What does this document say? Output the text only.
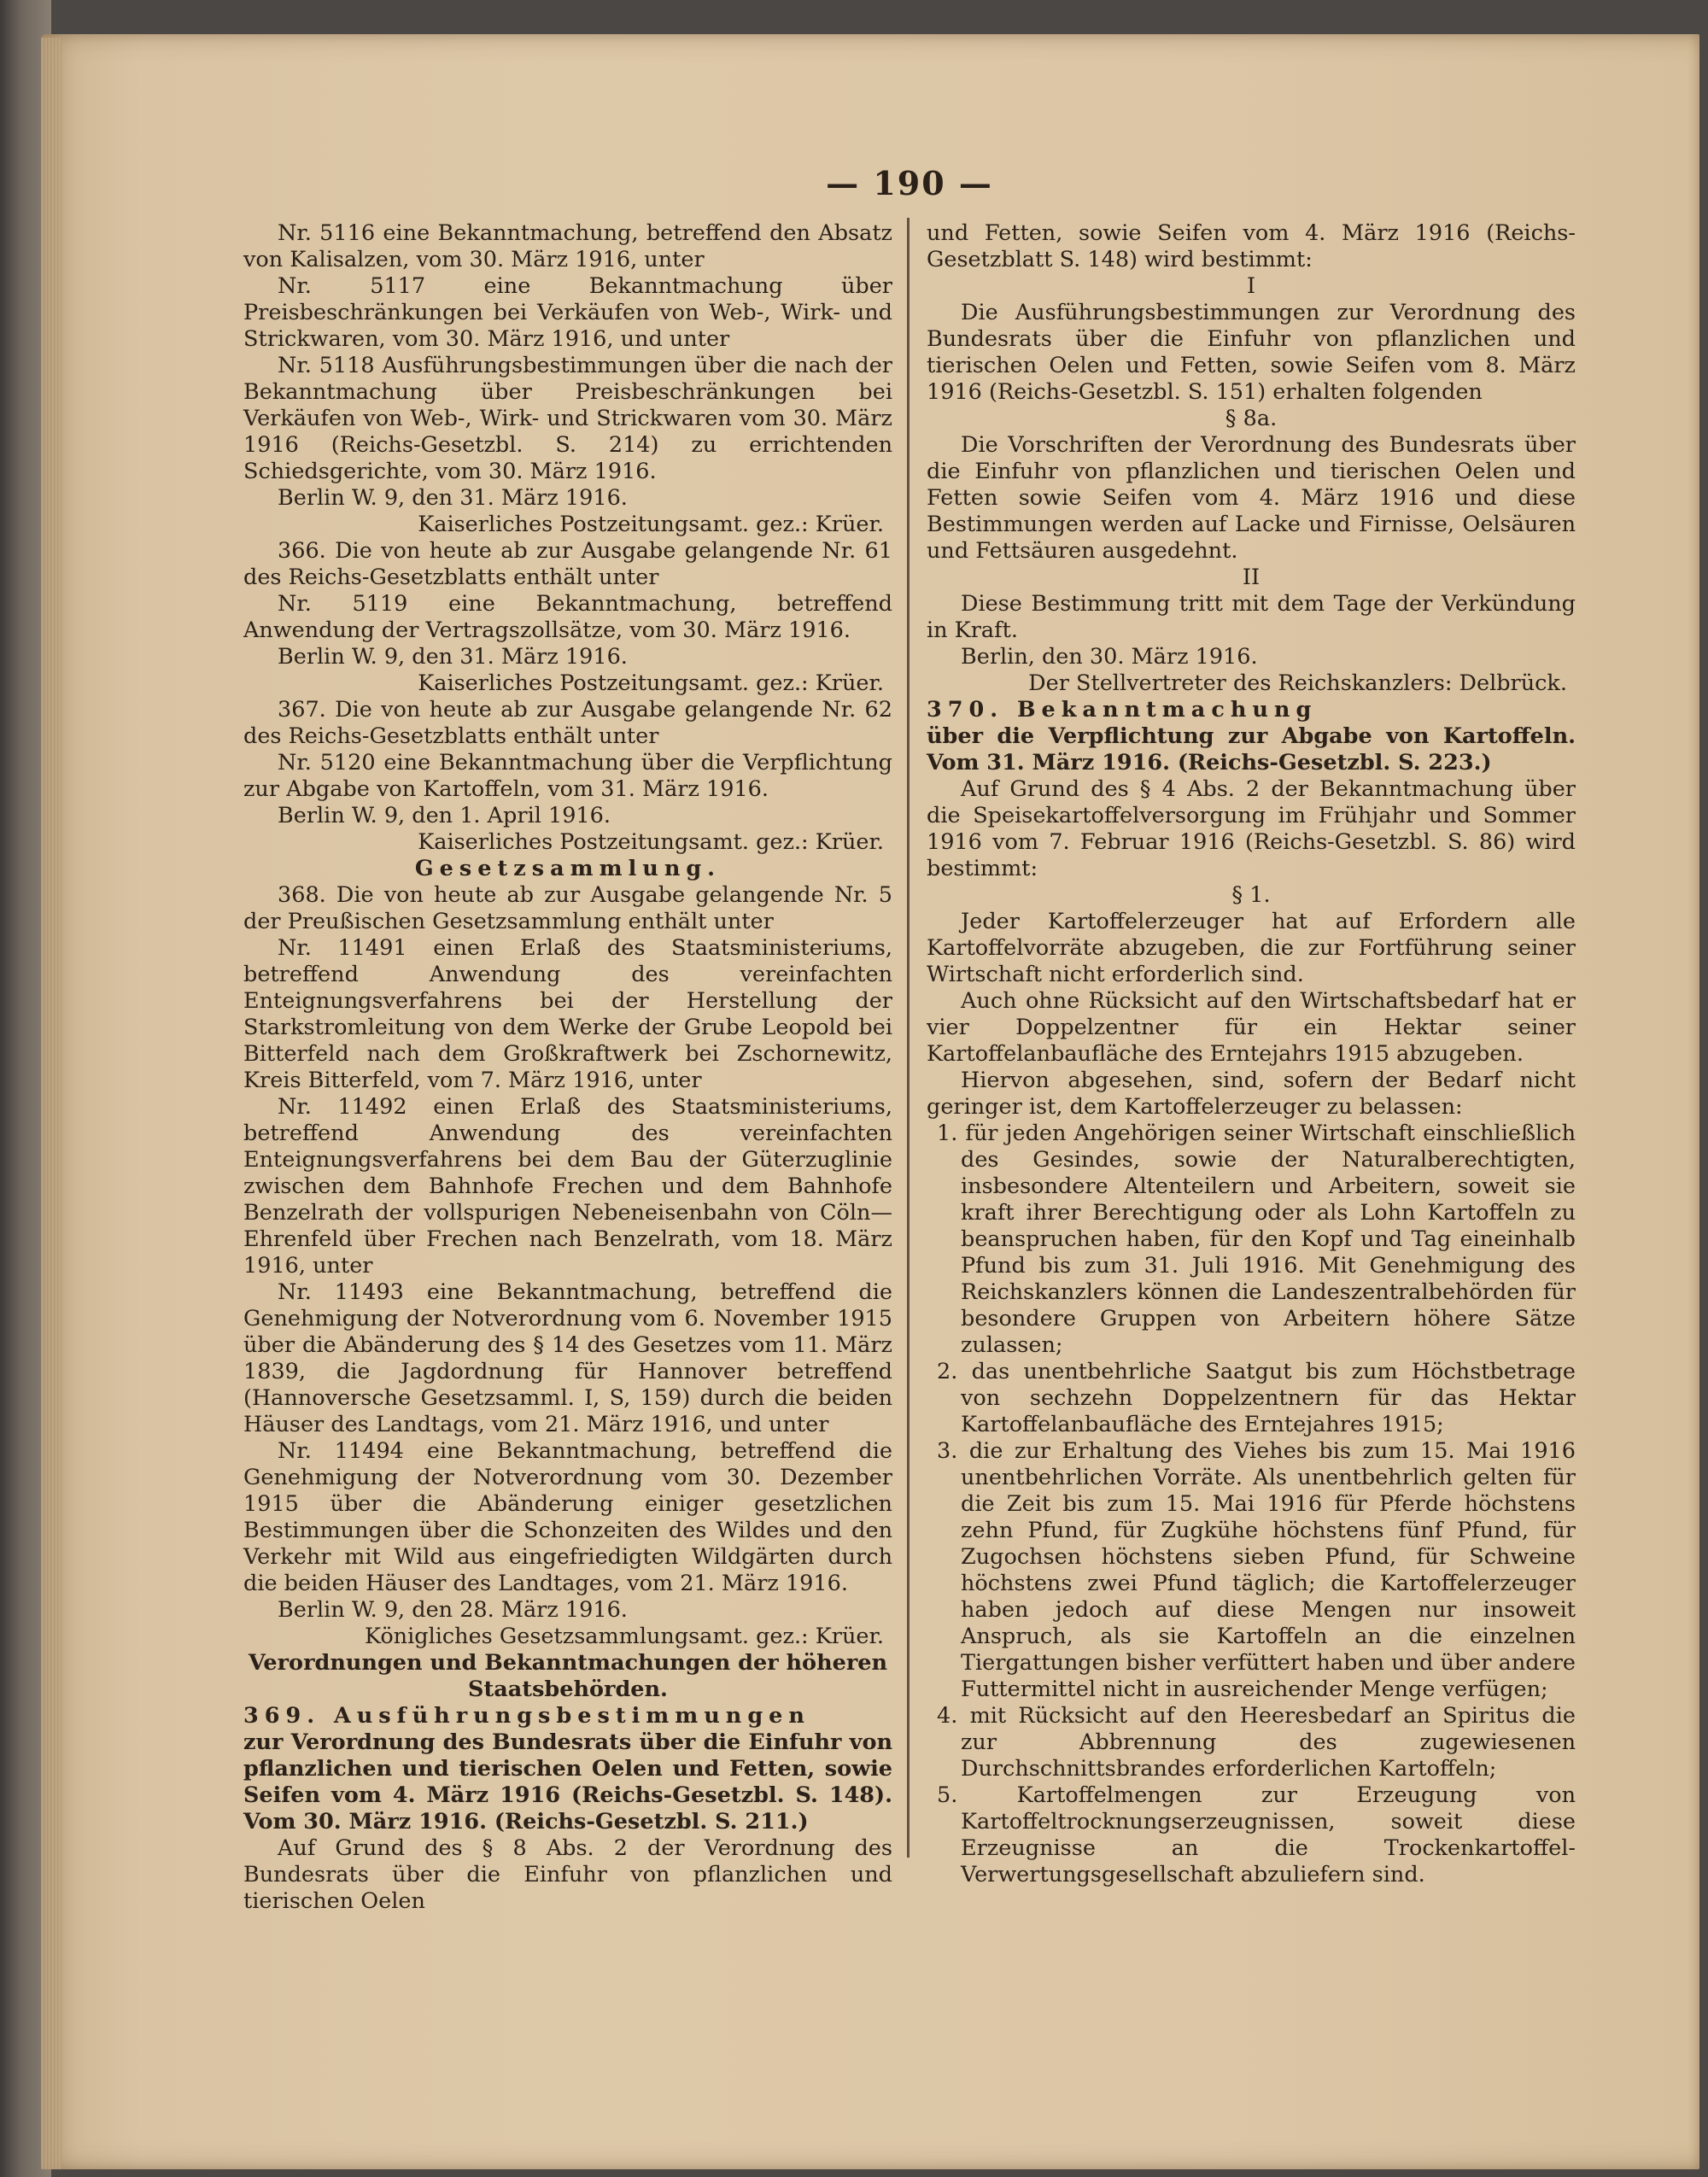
— 190 —

Nr. 5116 eine Bekanntmachung, betreffend den Absatz von Kalisalzen, vom 30. März 1916, unter

Nr. 5117 eine Bekanntmachung über Preisbeschränkungen bei Verkäufen von Web-, Wirk- und Strickwaren, vom 30. März 1916, und unter

Nr. 5118 Ausführungsbestimmungen über die nach der Bekanntmachung über Preisbeschränkungen bei Verkäufen von Web-, Wirk- und Strickwaren vom 30. März 1916 (Reichs-Gesetzbl. S. 214) zu errichtenden Schiedsgerichte, vom 30. März 1916.

Berlin W. 9, den 31. März 1916.

Kaiserliches Postzeitungsamt. gez.: Krüer.

366. Die von heute ab zur Ausgabe gelangende Nr. 61 des Reichs-Gesetzblatts enthält unter

Nr. 5119 eine Bekanntmachung, betreffend Anwendung der Vertragszollsätze, vom 30. März 1916.

Berlin W. 9, den 31. März 1916.

Kaiserliches Postzeitungsamt. gez.: Krüer.

367. Die von heute ab zur Ausgabe gelangende Nr. 62 des Reichs-Gesetzblatts enthält unter

Nr. 5120 eine Bekanntmachung über die Verpflichtung zur Abgabe von Kartoffeln, vom 31. März 1916.

Berlin W. 9, den 1. April 1916.

Kaiserliches Postzeitungsamt. gez.: Krüer.

Gesetzsammlung.

368. Die von heute ab zur Ausgabe gelangende Nr. 5 der Preußischen Gesetzsammlung enthält unter

Nr. 11491 einen Erlaß des Staatsministeriums, betreffend Anwendung des vereinfachten Enteignungsverfahrens bei der Herstellung der Starkstromleitung von dem Werke der Grube Leopold bei Bitterfeld nach dem Großkraftwerk bei Zschornewitz, Kreis Bitterfeld, vom 7. März 1916, unter

Nr. 11492 einen Erlaß des Staatsministeriums, betreffend Anwendung des vereinfachten Enteignungsverfahrens bei dem Bau der Güterzuglinie zwischen dem Bahnhofe Frechen und dem Bahnhofe Benzelrath der vollspurigen Nebeneisenbahn von Cöln—Ehrenfeld über Frechen nach Benzelrath, vom 18. März 1916, unter

Nr. 11493 eine Bekanntmachung, betreffend die Genehmigung der Notverordnung vom 6. November 1915 über die Abänderung des § 14 des Gesetzes vom 11. März 1839, die Jagdordnung für Hannover betreffend (Hannoversche Gesetzsamml. I, S, 159) durch die beiden Häuser des Landtags, vom 21. März 1916, und unter

Nr. 11494 eine Bekanntmachung, betreffend die Genehmigung der Notverordnung vom 30. Dezember 1915 über die Abänderung einiger gesetzlichen Bestimmungen über die Schonzeiten des Wildes und den Verkehr mit Wild aus eingefriedigten Wildgärten durch die beiden Häuser des Landtages, vom 21. März 1916.

Berlin W. 9, den 28. März 1916.

Königliches Gesetzsammlungsamt. gez.: Krüer.

Verordnungen und Bekanntmachungen der höheren Staatsbehörden.

369. Ausführungsbestimmungen

zur Verordnung des Bundesrats über die Einfuhr von pflanzlichen und tierischen Oelen und Fetten, sowie Seifen vom 4. März 1916 (Reichs-Gesetzbl. S. 148). Vom 30. März 1916. (Reichs-Gesetzbl. S. 211.)

Auf Grund des § 8 Abs. 2 der Verordnung des Bundesrats über die Einfuhr von pflanzlichen und tierischen Oelen

und Fetten, sowie Seifen vom 4. März 1916 (Reichs-Gesetzblatt S. 148) wird bestimmt:

I

Die Ausführungsbestimmungen zur Verordnung des Bundesrats über die Einfuhr von pflanzlichen und tierischen Oelen und Fetten, sowie Seifen vom 8. März 1916 (Reichs-Gesetzbl. S. 151) erhalten folgenden

§ 8a.

Die Vorschriften der Verordnung des Bundesrats über die Einfuhr von pflanzlichen und tierischen Oelen und Fetten sowie Seifen vom 4. März 1916 und diese Bestimmungen werden auf Lacke und Firnisse, Oelsäuren und Fettsäuren ausgedehnt.

II

Diese Bestimmung tritt mit dem Tage der Verkündung in Kraft.

Berlin, den 30. März 1916.

Der Stellvertreter des Reichskanzlers: Delbrück.

370. Bekanntmachung

über die Verpflichtung zur Abgabe von Kartoffeln. Vom 31. März 1916. (Reichs-Gesetzbl. S. 223.)

Auf Grund des § 4 Abs. 2 der Bekanntmachung über die Speisekartoffelversorgung im Frühjahr und Sommer 1916 vom 7. Februar 1916 (Reichs-Gesetzbl. S. 86) wird bestimmt:

§ 1.

Jeder Kartoffelerzeuger hat auf Erfordern alle Kartoffelvorräte abzugeben, die zur Fortführung seiner Wirtschaft nicht erforderlich sind.

Auch ohne Rücksicht auf den Wirtschaftsbedarf hat er vier Doppelzentner für ein Hektar seiner Kartoffelanbaufläche des Erntejahrs 1915 abzugeben.

Hiervon abgesehen, sind, sofern der Bedarf nicht geringer ist, dem Kartoffelerzeuger zu belassen:

1. für jeden Angehörigen seiner Wirtschaft einschließlich des Gesindes, sowie der Naturalberechtigten, insbesondere Altenteilern und Arbeitern, soweit sie kraft ihrer Berechtigung oder als Lohn Kartoffeln zu beanspruchen haben, für den Kopf und Tag eineinhalb Pfund bis zum 31. Juli 1916. Mit Genehmigung des Reichskanzlers können die Landeszentralbehörden für besondere Gruppen von Arbeitern höhere Sätze zulassen;

2. das unentbehrliche Saatgut bis zum Höchstbetrage von sechzehn Doppelzentnern für das Hektar Kartoffelanbaufläche des Erntejahres 1915;

3. die zur Erhaltung des Viehes bis zum 15. Mai 1916 unentbehrlichen Vorräte. Als unentbehrlich gelten für die Zeit bis zum 15. Mai 1916 für Pferde höchstens zehn Pfund, für Zugkühe höchstens fünf Pfund, für Zugochsen höchstens sieben Pfund, für Schweine höchstens zwei Pfund täglich; die Kartoffelerzeuger haben jedoch auf diese Mengen nur insoweit Anspruch, als sie Kartoffeln an die einzelnen Tiergattungen bisher verfüttert haben und über andere Futtermittel nicht in ausreichender Menge verfügen;

4. mit Rücksicht auf den Heeresbedarf an Spiritus die zur Abbrennung des zugewiesenen Durchschnittsbrandes erforderlichen Kartoffeln;

5. Kartoffelmengen zur Erzeugung von Kartoffeltrocknungserzeugnissen, soweit diese Erzeugnisse an die Trockenkartoffel-Verwertungsgesellschaft abzuliefern sind.
